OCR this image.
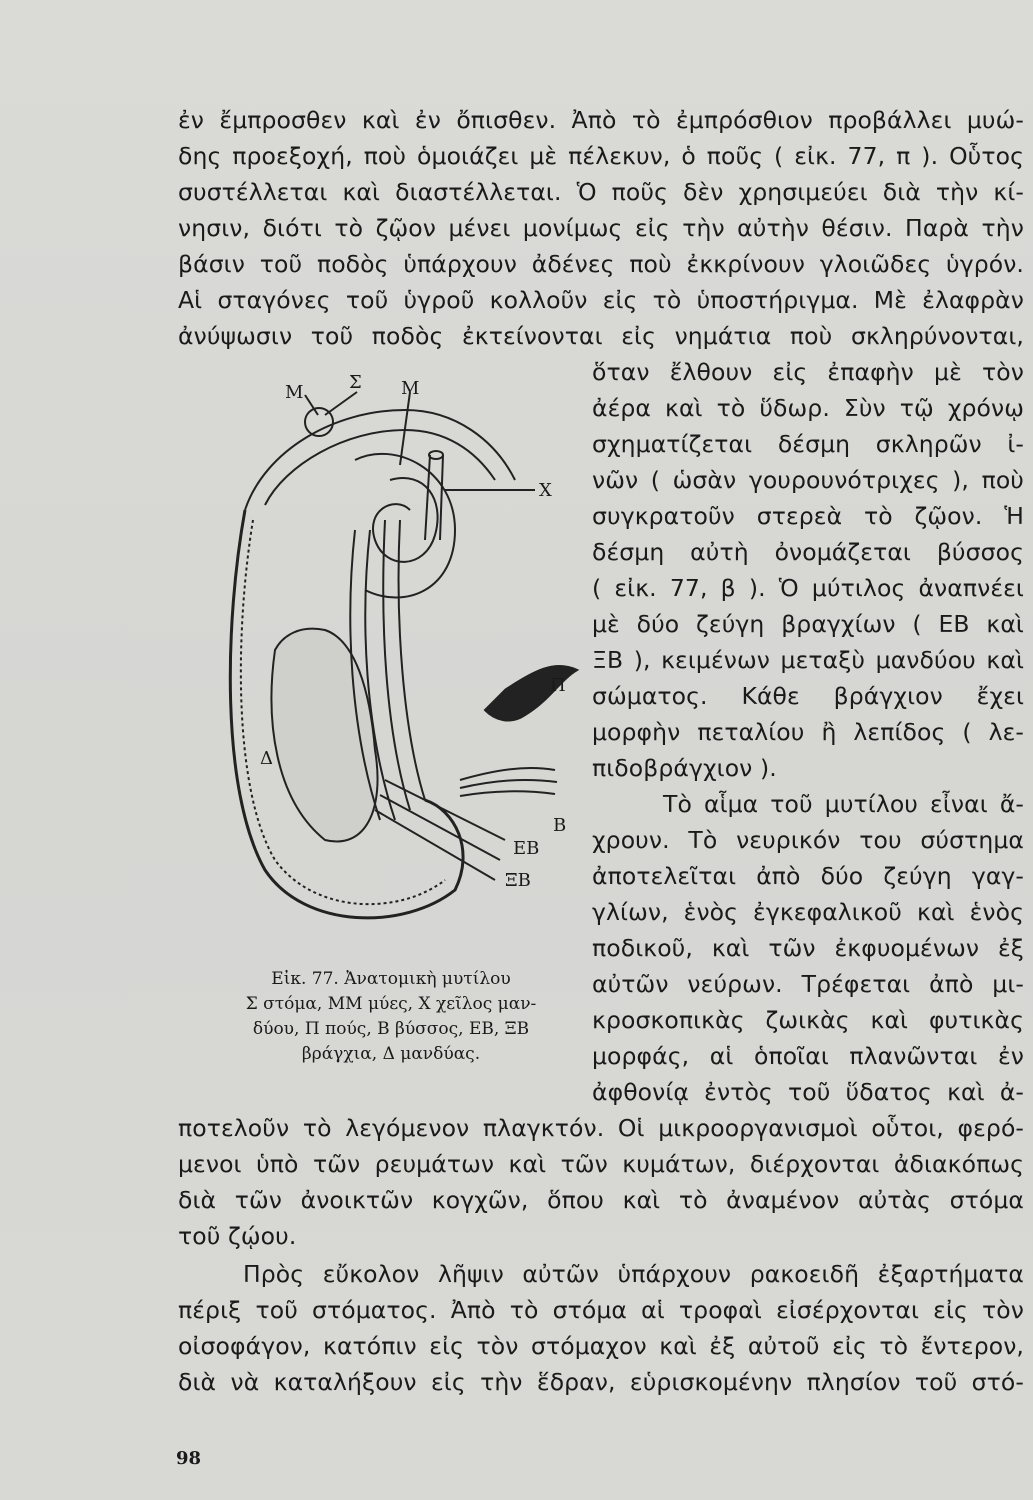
ἐν ἔμπροσθεν καὶ ἐν ὄπισθεν. Ἀπὸ τὸ ἐμπρόσθιον προβάλλει μυώ-
δης προεξοχή, ποὺ ὁμοιάζει μὲ πέλεκυν, ὁ ποῦς ( εἰκ. 77, π ). Οὗτος
συστέλλεται καὶ διαστέλλεται. Ὁ ποῦς δὲν χρησιμεύει διὰ τὴν κί-
νησιν, διότι τὸ ζῷον μένει μονίμως εἰς τὴν αὐτὴν θέσιν. Παρὰ τὴν
βάσιν τοῦ ποδὸς ὑπάρχουν ἀδένες ποὺ ἐκκρίνουν γλοιῶδες ὑγρόν.
Αἱ σταγόνες τοῦ ὑγροῦ κολλοῦν εἰς τὸ ὑποστήριγμα. Μὲ ἐλαφρὰν
ἀνύψωσιν τοῦ ποδὸς ἐκτείνονται εἰς νημάτια ποὺ σκληρύνονται,
ὅταν ἔλθουν εἰς ἐπαφὴν μὲ τὸν
ἀέρα καὶ τὸ ὕδωρ. Σὺν τῷ χρόνῳ
σχηματίζεται δέσμη σκληρῶν ἰ-
νῶν ( ὡσὰν γουρουνότριχες ), ποὺ
συγκρατοῦν στερεὰ τὸ ζῷον. Ἡ
δέσμη αὐτὴ ὀνομάζεται βύσσος
( εἰκ. 77, β ). Ὁ μύτιλος ἀναπνέει
μὲ δύο ζεύγη βραγχίων ( ΕΒ καὶ
ΞΒ ), κειμένων μεταξὺ μανδύου καὶ
σώματος. Κάθε βράγχιον ἔχει
μορφὴν πεταλίου ἢ λεπίδος ( λε-
πιδοβράγχιον ).
Τὸ αἷμα τοῦ μυτίλου εἶναι ἄ-
χρουν. Τὸ νευρικόν του σύστημα
ἀποτελεῖται ἀπὸ δύο ζεύγη γαγ-
γλίων, ἑνὸς ἐγκεφαλικοῦ καὶ ἑνὸς
ποδικοῦ, καὶ τῶν ἐκφυομένων ἐξ
αὐτῶν νεύρων. Τρέφεται ἀπὸ μι-
κροσκοπικὰς ζωικὰς καὶ φυτικὰς
μορφάς, αἱ ὁποῖαι πλανῶνται ἐν
ἀφθονίᾳ ἐντὸς τοῦ ὕδατος καὶ ἀ-
ποτελοῦν τὸ λεγόμενον πλαγκτόν. Οἱ μικροοργανισμοὶ οὗτοι, φερό-
μενοι ὑπὸ τῶν ρευμάτων καὶ τῶν κυμάτων, διέρχονται ἀδιακόπως
διὰ τῶν ἀνοικτῶν κογχῶν, ὅπου καὶ τὸ ἀναμένον αὐτὰς στόμα
τοῦ ζῴου.
Πρὸς εὔκολον λῆψιν αὐτῶν ὑπάρχουν ρακοειδῆ ἐξαρτήματα
πέριξ τοῦ στόματος. Ἀπὸ τὸ στόμα αἱ τροφαὶ εἰσέρχονται εἰς τὸν
οἰσοφάγον, κατόπιν εἰς τὸν στόμαχον καὶ ἐξ αὐτοῦ εἰς τὸ ἔντερον,
διὰ νὰ καταλήξουν εἰς τὴν ἕδραν, εὑρισκομένην πλησίον τοῦ στό-
M	Σ M
X
Π
Δ
B
EB
ΞB
Εἰκ. 77. Ἀνατομικὴ μυτίλου
Σ στόμα, ΜΜ μύες, Χ χεῖλος μαν-
δύου, Π πούς, Β βύσσος, ΕΒ, ΞΒ
βράγχια, Δ μανδύας.
98
